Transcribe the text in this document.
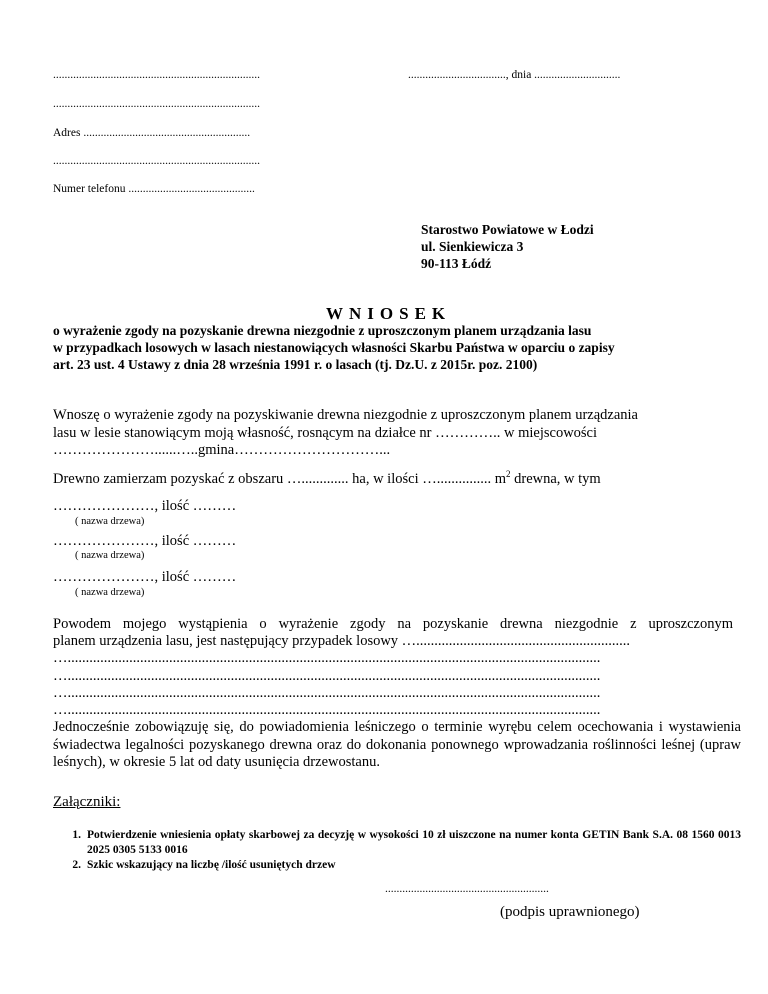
........................................................................	.................................., dnia ..............................
........................................................................
Adres ..........................................................
........................................................................
Numer telefonu ............................................
Starostwo Powiatowe w Łodzi
ul. Sienkiewicza 3
90-113 Łódź
WNIOSEK
o wyrażenie zgody na pozyskanie drewna niezgodnie z uproszczonym planem urządzania lasu
w przypadkach losowych w lasach niestanowiących własności Skarbu Państwa w oparciu o zapisy
art. 23 ust. 4 Ustawy z dnia 28 września 1991 r. o lasach (tj. Dz.U. z 2015r. poz. 2100)
Wnoszę o wyrażenie zgody na pozyskiwanie drewna niezgodnie z uproszczonym planem urządzania
lasu w lesie stanowiącym moją własność, rosnącym na działce nr ………….. w miejscowości
…………………......…..gmina…………………………...
Drewno zamierzam pozyskać z obszaru …............. ha, w ilości …............... $m^2$ drewna, w tym
…………………, ilość ………
( nazwa drzewa)
…………………, ilość ………
( nazwa drzewa)
…………………, ilość ………
( nazwa drzewa)
Powodem mojego wystąpienia o wyrażenie zgody na pozyskanie drewna niezgodnie z uproszczonym
planem urządzenia lasu, jest następujący przypadek losowy …...........................................................
…...................................................................................................................................................
…...................................................................................................................................................
…...................................................................................................................................................
…...................................................................................................................................................
Jednocześnie zobowiązuję się, do powiadomienia leśniczego o terminie wyrębu celem ocechowania i wystawienia świadectwa legalności pozyskanego drewna oraz do dokonania ponownego wprowadzania roślinności leśnej (upraw leśnych), w okresie 5 lat od daty usunięcia drzewostanu.
Załączniki:
1. Potwierdzenie wniesienia opłaty skarbowej za decyzję w wysokości 10 zł uiszczone na numer konta GETIN Bank S.A. 08 1560 0013 2025 0305 5133 0016
2. Szkic wskazujący na liczbę /ilość usuniętych drzew
.........................................................
(podpis uprawnionego)
